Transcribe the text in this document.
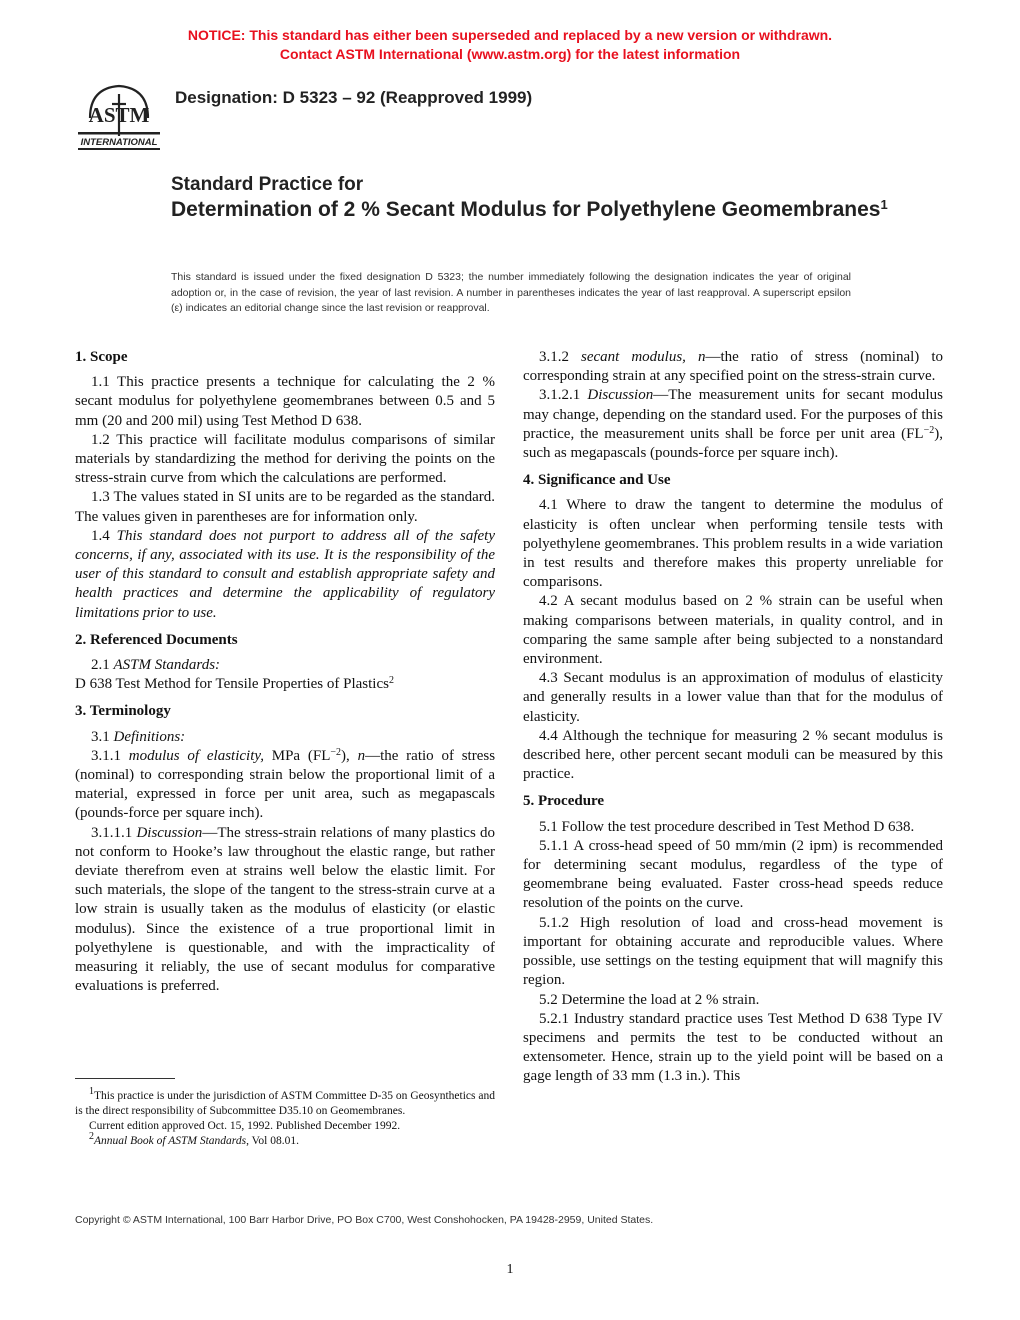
NOTICE: This standard has either been superseded and replaced by a new version or withdrawn.
Contact ASTM International (www.astm.org) for the latest information
ASTM
INTERNATIONAL
Designation: D 5323 – 92 (Reapproved 1999)
Standard Practice for
Determination of 2 % Secant Modulus for Polyethylene Geomembranes$^1$
This standard is issued under the fixed designation D 5323; the number immediately following the designation indicates the year of original adoption or, in the case of revision, the year of last revision. A number in parentheses indicates the year of last reapproval. A superscript epsilon (ε) indicates an editorial change since the last revision or reapproval.
1. Scope

1.1 This practice presents a technique for calculating the 2 % secant modulus for polyethylene geomembranes between 0.5 and 5 mm (20 and 200 mil) using Test Method D 638.

1.2 This practice will facilitate modulus comparisons of similar materials by standardizing the method for deriving the points on the stress-strain curve from which the calculations are performed.

1.3 The values stated in SI units are to be regarded as the standard. The values given in parentheses are for information only.

1.4 This standard does not purport to address all of the safety concerns, if any, associated with its use. It is the responsibility of the user of this standard to consult and establish appropriate safety and health practices and determine the applicability of regulatory limitations prior to use.

2. Referenced Documents

2.1 ASTM Standards:

D 638 Test Method for Tensile Properties of Plastics$^2$

3. Terminology

3.1 Definitions:

3.1.1 modulus of elasticity, MPa $(FL^{-2})$, n—the ratio of stress (nominal) to corresponding strain below the proportional limit of a material, expressed in force per unit area, such as megapascals (pounds-force per square inch).

3.1.1.1 Discussion—The stress-strain relations of many plastics do not conform to Hooke’s law throughout the elastic range, but rather deviate therefrom even at strains well below the elastic limit. For such materials, the slope of the tangent to the stress-strain curve at a low strain is usually taken as the modulus of elasticity (or elastic modulus). Since the existence of a true proportional limit in polyethylene is questionable, and with the impracticality of measuring it reliably, the use of secant modulus for comparative evaluations is preferred.

$^1$This practice is under the jurisdiction of ASTM Committee D-35 on Geosynthetics and is the direct responsibility of Subcommittee D35.10 on Geomembranes.

Current edition approved Oct. 15, 1992. Published December 1992.

$^2$Annual Book of ASTM Standards, Vol 08.01.

3.1.2 secant modulus, n—the ratio of stress (nominal) to corresponding strain at any specified point on the stress-strain curve.

3.1.2.1 Discussion—The measurement units for secant modulus may change, depending on the standard used. For the purposes of this practice, the measurement units shall be force per unit area $(FL^{-2})$, such as megapascals (pounds-force per square inch).

4. Significance and Use

4.1 Where to draw the tangent to determine the modulus of elasticity is often unclear when performing tensile tests with polyethylene geomembranes. This problem results in a wide variation in test results and therefore makes this property unreliable for comparisons.

4.2 A secant modulus based on 2 % strain can be useful when making comparisons between materials, in quality control, and in comparing the same sample after being subjected to a nonstandard environment.

4.3 Secant modulus is an approximation of modulus of elasticity and generally results in a lower value than that for the modulus of elasticity.

4.4 Although the technique for measuring 2 % secant modulus is described here, other percent secant moduli can be measured by this practice.

5. Procedure

5.1 Follow the test procedure described in Test Method D 638.

5.1.1 A cross-head speed of 50 mm/min (2 ipm) is recommended for determining secant modulus, regardless of the type of geomembrane being evaluated. Faster cross-head speeds reduce resolution of the points on the curve.

5.1.2 High resolution of load and cross-head movement is important for obtaining accurate and reproducible values. Where possible, use settings on the testing equipment that will magnify this region.

5.2 Determine the load at 2 % strain.

5.2.1 Industry standard practice uses Test Method D 638 Type IV specimens and permits the test to be conducted without an extensometer. Hence, strain up to the yield point will be based on a gage length of 33 mm (1.3 in.). This

Copyright © ASTM International, 100 Barr Harbor Drive, PO Box C700, West Conshohocken, PA 19428-2959, United States.
1
